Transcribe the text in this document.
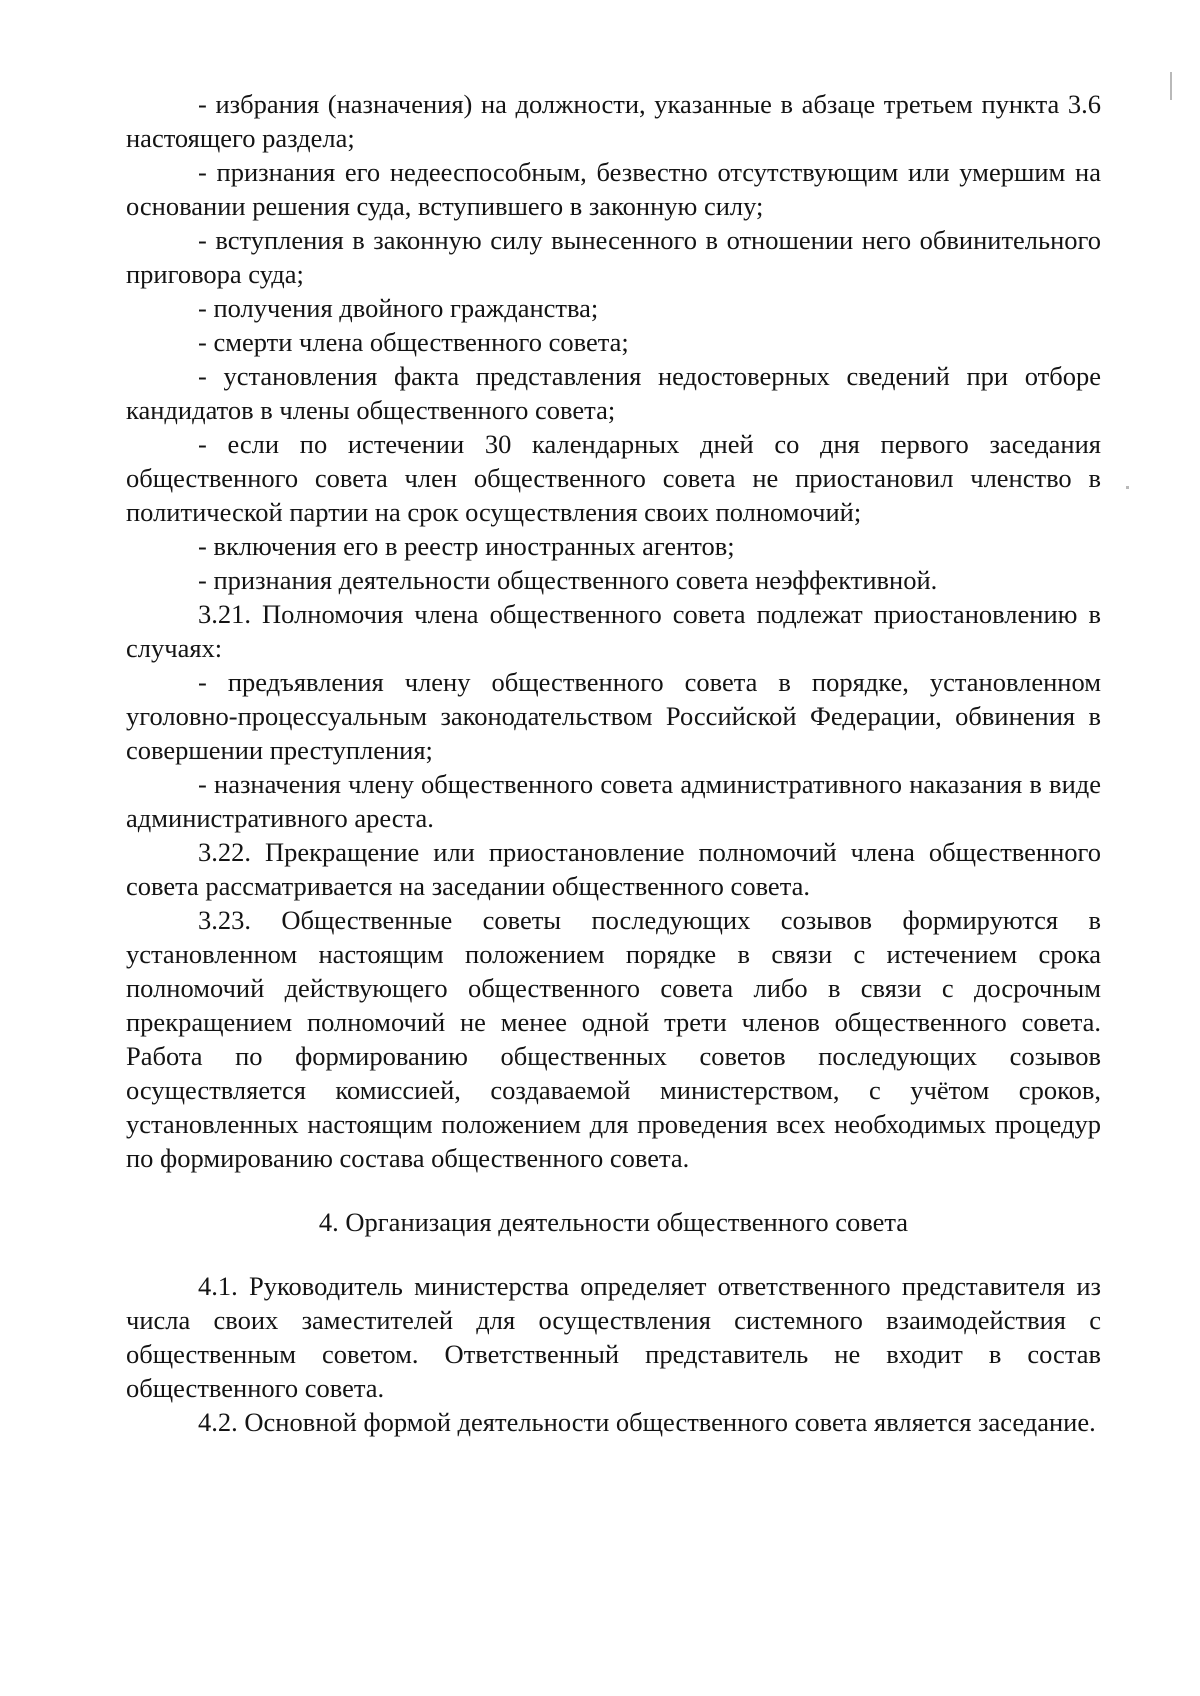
- избрания (назначения) на должности, указанные в абзаце третьем пункта 3.6 настоящего раздела;

- признания его недееспособным, безвестно отсутствующим или умершим на основании решения суда, вступившего в законную силу;

- вступления в законную силу вынесенного в отношении него обвинительного приговора суда;

- получения двойного гражданства;

- смерти члена общественного совета;

- установления факта представления недостоверных сведений при отборе кандидатов в члены общественного совета;

- если по истечении 30 календарных дней со дня первого заседания общественного совета член общественного совета не приостановил членство в политической партии на срок осуществления своих полномочий;

- включения его в реестр иностранных агентов;

- признания деятельности общественного совета неэффективной.

3.21. Полномочия члена общественного совета подлежат приостановлению в случаях:

- предъявления члену общественного совета в порядке, установленном уголовно-процессуальным законодательством Российской Федерации, обвинения в совершении преступления;

- назначения члену общественного совета административного наказания в виде административного ареста.

3.22. Прекращение или приостановление полномочий члена общественного совета рассматривается на заседании общественного совета.

3.23. Общественные советы последующих созывов формируются в установленном настоящим положением порядке в связи с истечением срока полномочий действующего общественного совета либо в связи с досрочным прекращением полномочий не менее одной трети членов общественного совета. Работа по формированию общественных советов последующих созывов осуществляется комиссией, создаваемой министерством, с учётом сроков, установленных настоящим положением для проведения всех необходимых процедур по формированию состава общественного совета.

4. Организация деятельности общественного совета

4.1. Руководитель министерства определяет ответственного представителя из числа своих заместителей для осуществления системного взаимодействия с общественным советом. Ответственный представитель не входит в состав общественного совета.

4.2. Основной формой деятельности общественного совета является заседание.
